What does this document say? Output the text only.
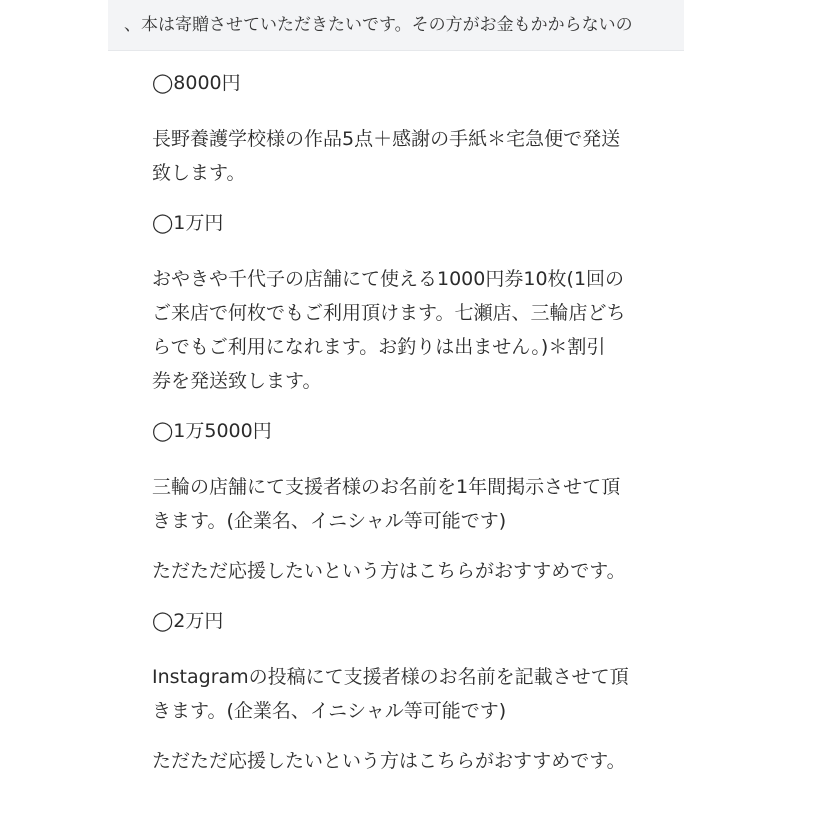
、本は寄贈させていただきたいです。その方がお金もかからないの

◯8000円

長野養護学校様の作品5点＋感謝の手紙＊宅急便で発送
致します。

◯1万円

おやきや千代子の店舗にて使える1000円券10枚(1回の
ご来店で何枚でもご利用頂けます。七瀬店、三輪店どち
らでもご利用になれます。お釣りは出ません。)＊割引
券を発送致します。

◯1万5000円

三輪の店舗にて支援者様のお名前を1年間掲示させて頂
きます。(企業名、イニシャル等可能です)

ただただ応援したいという方はこちらがおすすめです。

◯2万円

Instagramの投稿にて支援者様のお名前を記載させて頂
きます。(企業名、イニシャル等可能です)

ただただ応援したいという方はこちらがおすすめです。
